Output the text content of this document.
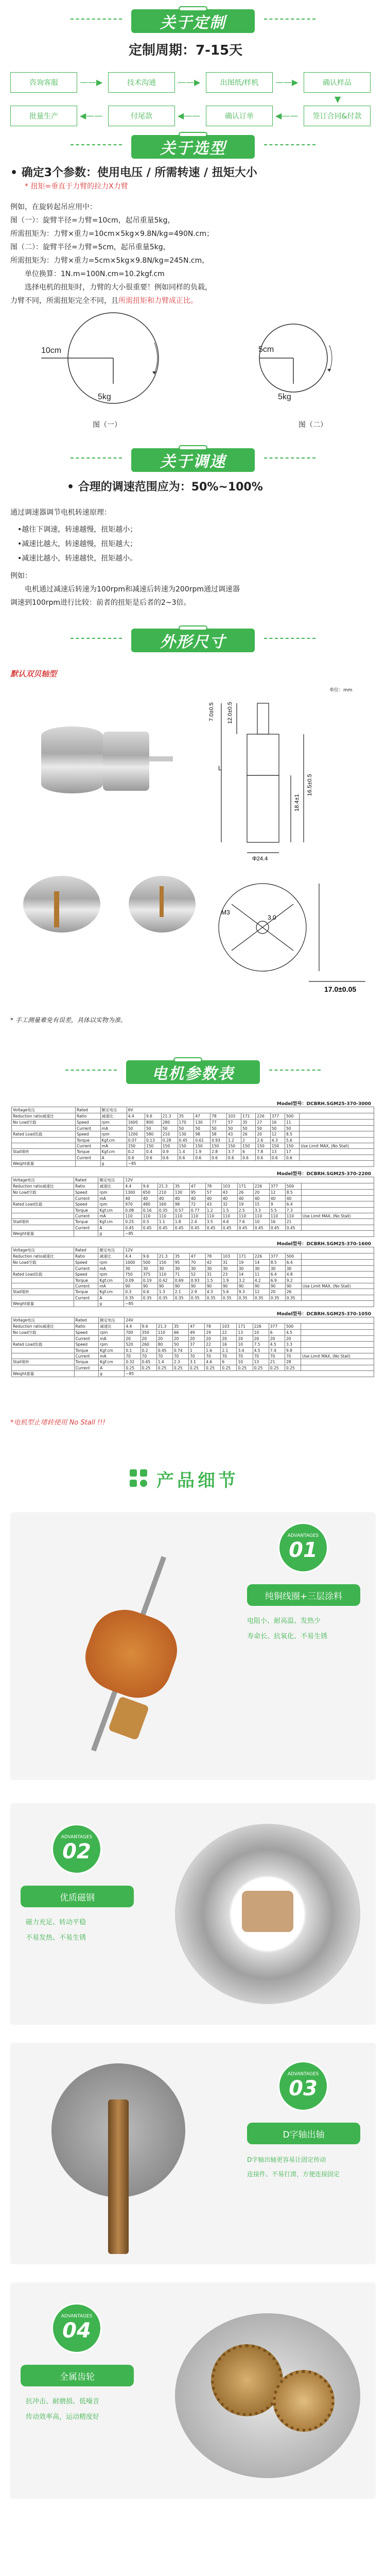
关于定制
定制周期：7-15天
咨询客服	——▶	技术沟通	——▶	出图纸/样机 ——▶	确认样品
▼
批量生产	◀——	付尾款	◀——	确认订单	◀—— 签订合同&付款
关于选型
• 确定3个参数：使用电压 / 所需转速 / 扭矩大小
* 扭矩=垂直于力臂的拉力X力臂
例如，在旋转起吊应用中：
图（一）：旋臂半径=力臂=10cm，起吊重量5kg，
所需扭矩为：力臂×重力=10cm×5kg×9.8N/kg=490N.cm；
图（二）：旋臂半径=力臂=5cm，起吊重量5kg，
所需扭矩为：力臂×重力=5cm×5kg×9.8N/kg=245N.cm，
单位换算：1N.m=100N.cm=10.2kgf.cm
选择电机的扭矩时，力臂的大小很重要！例如同样的负载，
力臂不同，所需扭矩完全不同，且所需扭矩和力臂成正比。
10cm
5kg
图（一）
5cm
5kg
图（二）
关于调速
• 合理的调速范围应为：50%~100%
通过调速器调节电机转速原理：
•越往下调速，转速越慢，扭矩越小；
•减速比越大，转速越慢，扭矩越大；
•减速比越小，转速越快，扭矩越小。
例如：
电机通过减速后转速为100rpm和减速后转速为200rpm通过调速器
调速到100rpm进行比较：前者的扭矩是后者的2~3倍。
外形尺寸
默认双贝轴型
单位：mm
7.0±0.5 12.0±0.5
L
18.4±1
16.5±0.5
Φ24.4
M3
3.0
17.0±0.05
* 手工测量难免有误差，具体以实物为准。
电机参数表
Model型号：DCBRH.SGM25-370-3000
Voltage电压	Rated	额定电压	6V											
Reduction ratio减速比	Ratio	减速比	4.4	9.6	21.3	35	47	78	103	171	226	377	500	
No Load空载	Speed	rpm	1600	800	280	170	130	77	57	35	27	16	11	
	Current	mA	50	50	50	50	50	50	50	50	50	50	50	
Rated Load负载	Speed	rpm	1200	580	210	130	98	58	43	26	20	12	8.5	
	Torque	Kgf.cm	0.07	0.13	0.28	0.45	0.61	0.93	1.2	2	2.6	4.3	5.6	
	Current	mA	150	150	150	150	150	150	150	150	150	150	150	Use Limit MAX, (No Stall)
Stall堵转	Torque	Kgf.cm	0.2	0.4	0.9	1.4	1.9	2.8	3.7	6	7.8	13	17	
	Current	A	0.6	0.6	0.6	0.6	0.6	0.6	0.6	0.6	0.6	0.6	0.6	
Weight重量		g	~85											
Model型号：DCBRH.SGM25-370-2200
Voltage电压	Rated	额定电压	12V											
Reduction ratio减速比	Ratio	减速比	4.4	9.6	21.3	35	47	78	103	171	226	377	500	
No Load空载	Speed	rpm	1300	650	210	130	95	57	43	26	20	12	8.5	
	Current	mA	40	40	40	40	40	40	40	40	40	40	40	
Rated Load负载	Speed	rpm	970	480	160	98	72	43	32	19	15	9	6.4	
	Torque	Kgf.cm	0.08	0.16	0.35	0.57	0.77	1.2	1.5	2.5	3.3	5.5	7.3	
	Current	mA	110	110	110	110	110	110	110	110	110	110	110	Use Limit MAX, (No Stall)
Stall堵转	Torque	Kgf.cm	0.25	0.5	1.1	1.8	2.4	3.5	4.6	7.6	10	16	21	
	Current	A	0.45	0.45	0.45	0.45	0.45	0.45	0.45	0.45	0.45	0.45	0.45	
Weight重量		g	~85											
Model型号：DCBRH.SGM25-370-1600
Voltage电压	Rated	额定电压	12V											
Reduction ratio减速比	Ratio	减速比	4.4	9.6	21.3	35	47	78	103	171	226	377	500	
No Load空载	Speed	rpm	1000	500	150	95	70	42	31	19	14	8.5	6.4	
	Current	mA	30	30	30	30	30	30	30	30	30	30	30	
Rated Load负载	Speed	rpm	750	375	110	71	52	31	23	14	11	6.4	4.8	
	Torque	Kgf.cm	0.09	0.19	0.42	0.69	0.93	1.5	1.9	3.2	4.2	6.9	9.2	
	Current	mA	90	90	90	90	90	90	90	90	90	90	90	Use Limit MAX, (No Stall)
Stall堵转	Torque	Kgf.cm	0.3	0.6	1.3	2.1	2.9	4.3	5.6	9.3	12	20	26	
	Current	A	0.35	0.35	0.35	0.35	0.35	0.35	0.35	0.35	0.35	0.35	0.35	
Weight重量		g	~85											
Model型号：DCBRH.SGM25-370-1050
Voltage电压	Rated	额定电压	24V											
Reduction ratio减速比	Ratio	减速比	4.4	9.6	21.3	35	47	78	103	171	226	377	500	
No Load空载	Speed	rpm	700	350	110	66	49	29	22	13	10	6	4.5	
	Current	mA	20	20	20	20	20	20	20	20	20	20	20	
Rated Load负载	Speed	rpm	520	260	80	50	37	22	16	10	7.5	4.5	3.3	
	Torque	Kgf.cm	0.1	0.2	0.45	0.74	1	1.6	2.1	3.4	4.5	7.4	9.8	
	Current	mA	70	70	70	70	70	70	70	70	70	70	70	Use Limit MAX, (No Stall)
Stall堵转	Torque	Kgf.cm	0.32	0.65	1.4	2.3	3.1	4.6	6	10	13	21	28	
	Current	A	0.25	0.25	0.25	0.25	0.25	0.25	0.25	0.25	0.25	0.25	0.25	
Weight重量		g	~85											
*电机型止堵转使用 No Stall !!!
产品细节
ADVANTAGES
01
纯铜线圈+三层涂料
电阻小、耐高温、发热少
寿命长、抗氧化、不易生锈
ADVANTAGES
02
优质磁钢
磁力充足、转动平稳
不易发热、不易生锈
ADVANTAGES
03
D字轴出轴
D字轴出轴更容易让固定传动
连接件、不易打滑，方便连接固定
ADVANTAGES
04
全属齿轮
抗冲击、耐磨损、低噪音
传动效率高，运动精度好
